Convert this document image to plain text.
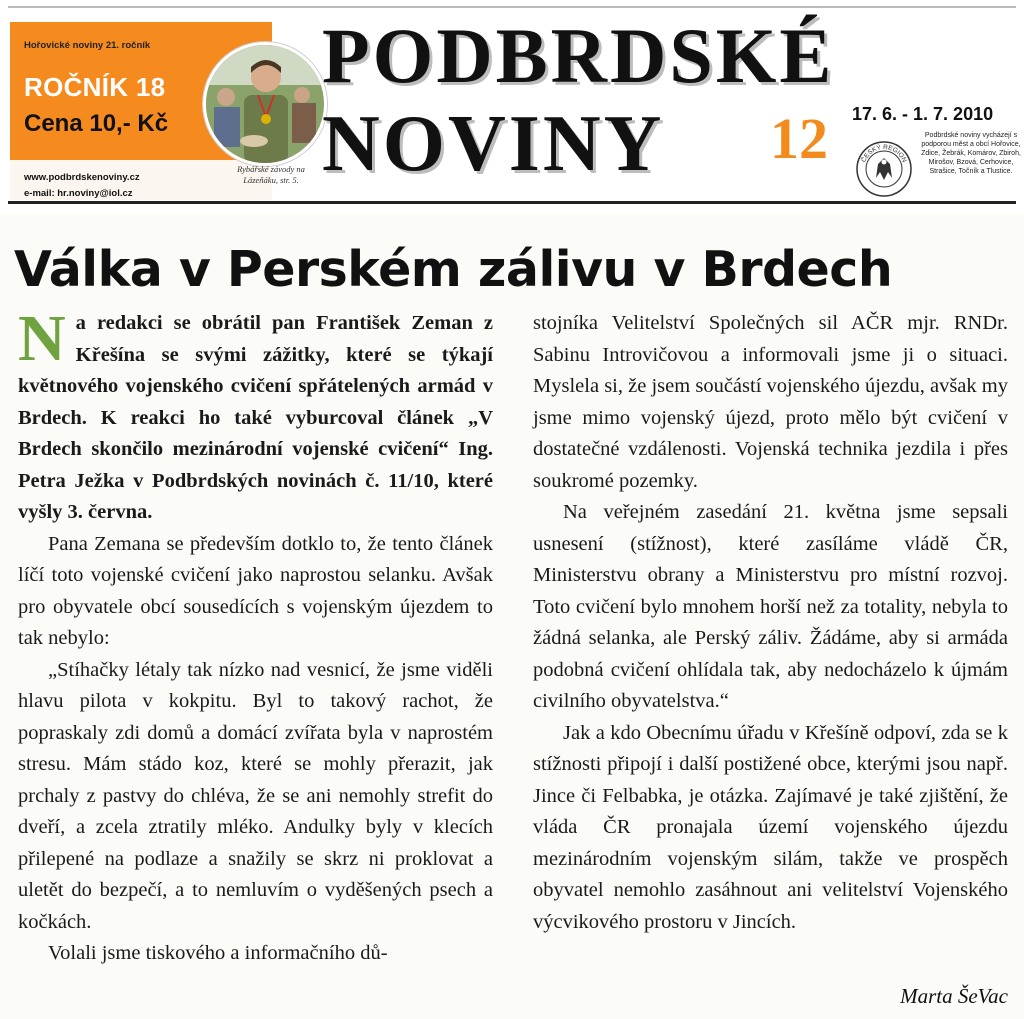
Hořovické noviny 21. ročník
ROČNÍK 18
Cena 10,- Kč
www.podbrdskenoviny.cz
e-mail: hr.noviny@iol.cz
Rybářské závody na Lázeňáku, str. 5.
PODBRDSKÉ
NOVINY 12 17. 6. - 1. 7. 2010
ČESKÝ REGION
Podbrdské noviny vycházejí s podporou měst a obcí Hořovice, Zdice, Žebrák, Komárov, Zbiroh, Mirošov, Bzová, Cerhovice, Strašice, Točník a Tlustice.
Válka v Perském zálivu v Brdech

N a redakci se obrátil pan František Zeman z Křešína se svými zážitky, které se týkají květnového vojenského cvičení spřátelených armád v Brdech. K reakci ho také vyburcoval článek „V Brdech skončilo mezinárodní vojenské cvičení“ Ing. Petra Ježka v Podbrdských novinách č. 11/10, které vyšly 3. června.

Pana Zemana se především dotklo to, že tento článek líčí toto vojenské cvičení jako naprostou selanku. Avšak pro obyvatele obcí sousedících s vojenským újezdem to tak nebylo:

„Stíhačky létaly tak nízko nad vesnicí, že jsme viděli hlavu pilota v kokpitu. Byl to takový rachot, že popraskaly zdi domů a domácí zvířata byla v naprostém stresu. Mám stádo koz, které se mohly přerazit, jak prchaly z pastvy do chléva, že se ani nemohly strefit do dveří, a zcela ztratily mléko. Andulky byly v klecích přilepené na podlaze a snažily se skrz ni proklovat a uletět do bezpečí, a to nemluvím o vyděšených psech a kočkách.

Volali jsme tiskového a informačního dů-

stojníka Velitelství Společných sil AČR mjr. RNDr. Sabinu Introvičovou a informovali jsme ji o situaci. Myslela si, že jsem součástí vojenského újezdu, avšak my jsme mimo vojenský újezd, proto mělo být cvičení v dostatečné vzdálenosti. Vojenská technika jezdila i přes soukromé pozemky.

Na veřejném zasedání 21. května jsme sepsali usnesení (stížnost), které zasíláme vládě ČR, Ministerstvu obrany a Ministerstvu pro místní rozvoj. Toto cvičení bylo mnohem horší než za totality, nebyla to žádná selanka, ale Perský záliv. Žádáme, aby si armáda podobná cvičení ohlídala tak, aby nedocházelo k újmám civilního obyvatelstva.“

Jak a kdo Obecnímu úřadu v Křešíně odpoví, zda se k stížnosti připojí i další postižené obce, kterými jsou např. Jince či Felbabka, je otázka. Zajímavé je také zjištění, že vláda ČR pronajala území vojenského újezdu mezinárodním vojenským silám, takže ve prospěch obyvatel nemohlo zasáhnout ani velitelství Vojenského výcvikového prostoru v Jincích.

Marta ŠeVac
